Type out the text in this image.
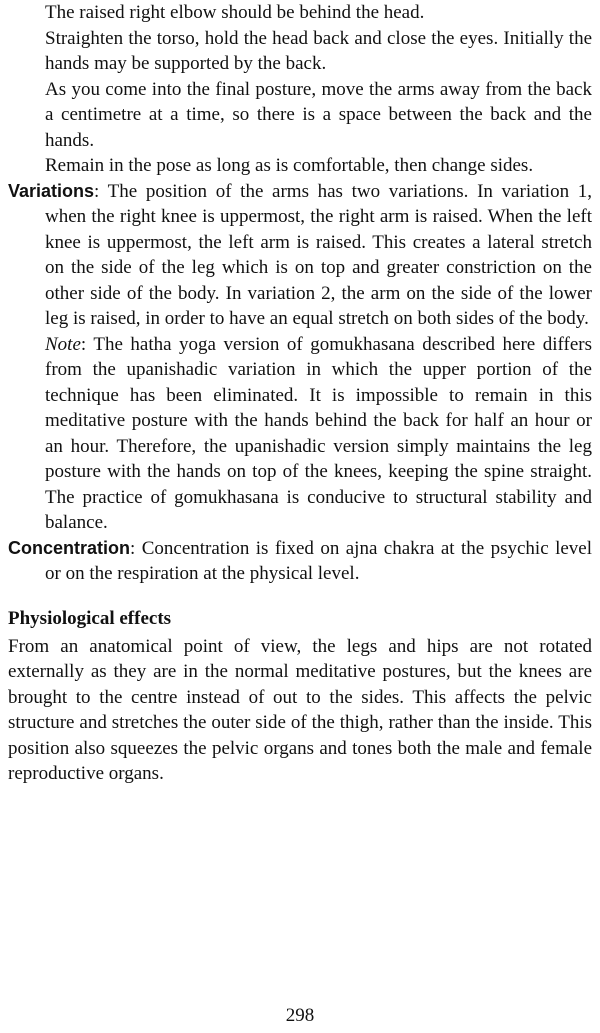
The raised right elbow should be behind the head.

Straighten the torso, hold the head back and close the eyes. Initially the hands may be supported by the back.

As you come into the final posture, move the arms away from the back a centimetre at a time, so there is a space between the back and the hands.

Remain in the pose as long as is comfortable, then change sides.

Variations: The position of the arms has two variations. In variation 1, when the right knee is uppermost, the right arm is raised. When the left knee is uppermost, the left arm is raised. This creates a lateral stretch on the side of the leg which is on top and greater constriction on the other side of the body. In variation 2, the arm on the side of the lower leg is raised, in order to have an equal stretch on both sides of the body.

Note: The hatha yoga version of gomukhasana described here differs from the upanishadic variation in which the upper portion of the technique has been eliminated. It is impossible to remain in this meditative posture with the hands behind the back for half an hour or an hour. Therefore, the upanishadic version simply maintains the leg posture with the hands on top of the knees, keeping the spine straight. The practice of gomukhasana is conducive to structural stability and balance.

Concentration: Concentration is fixed on ajna chakra at the psychic level or on the respiration at the physical level.

Physiological effects

From an anatomical point of view, the legs and hips are not rotated externally as they are in the normal meditative postures, but the knees are brought to the centre instead of out to the sides. This affects the pelvic structure and stretches the outer side of the thigh, rather than the inside. This position also squeezes the pelvic organs and tones both the male and female reproductive organs.

298
